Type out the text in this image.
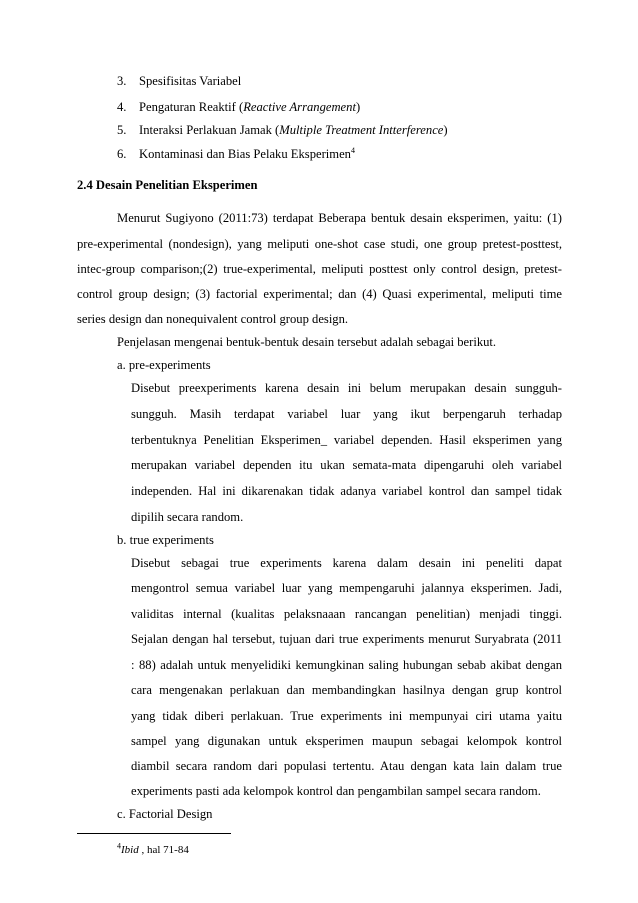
3. Spesifisitas Variabel
4. Pengaturan Reaktif (Reactive Arrangement)
5. Interaksi Perlakuan Jamak (Multiple Treatment Intterference)
6. Kontaminasi dan Bias Pelaku Eksperimen$^4$
2.4 Desain Penelitian Eksperimen
Menurut Sugiyono (2011:73) terdapat Beberapa bentuk desain eksperimen, yaitu: (1)
pre-experimental (nondesign), yang meliputi one-shot case studi, one group pretest-posttest,
intec-group comparison;(2) true-experimental, meliputi posttest only control design, pretest-
control group design; (3) factorial experimental; dan (4) Quasi experimental, meliputi time
series design dan nonequivalent control group design.
Penjelasan mengenai bentuk-bentuk desain tersebut adalah sebagai berikut.
a. pre-experiments
Disebut preexperiments karena desain ini belum merupakan desain sungguh-
sungguh. Masih terdapat variabel luar yang ikut berpengaruh terhadap
terbentuknya Penelitian Eksperimen_ variabel dependen. Hasil eksperimen yang
merupakan variabel dependen itu ukan semata-mata dipengaruhi oleh variabel
independen. Hal ini dikarenakan tidak adanya variabel kontrol dan sampel tidak
dipilih secara random.
b. true experiments
Disebut sebagai true experiments karena dalam desain ini peneliti dapat
mengontrol semua variabel luar yang mempengaruhi jalannya eksperimen. Jadi,
validitas internal (kualitas pelaksnaaan rancangan penelitian) menjadi tinggi.
Sejalan dengan hal tersebut, tujuan dari true experiments menurut Suryabrata (2011
: 88) adalah untuk menyelidiki kemungkinan saling hubungan sebab akibat dengan
cara mengenakan perlakuan dan membandingkan hasilnya dengan grup kontrol
yang tidak diberi perlakuan. True experiments ini mempunyai ciri utama yaitu
sampel yang digunakan untuk eksperimen maupun sebagai kelompok kontrol
diambil secara random dari populasi tertentu. Atau dengan kata lain dalam true
experiments pasti ada kelompok kontrol dan pengambilan sampel secara random.
c. Factorial Design
$^4$Ibid , hal 71-84
